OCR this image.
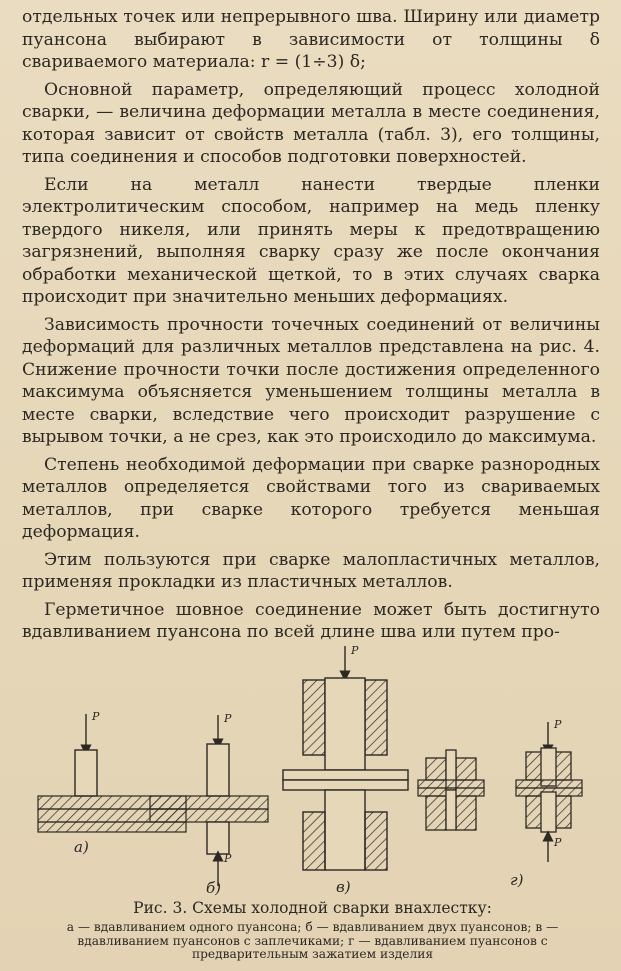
отдельных точек или непрерывного шва. Ширину или диаметр пуансона выбирают в зависимости от толщины δ свариваемого материала: r = (1÷3) δ;

Основной параметр, определяющий процесс холодной сварки, — величина деформации металла в месте соединения, которая зависит от свойств металла (табл. 3), его толщины, типа соединения и способов подготовки поверхностей.

Если на металл нанести твердые пленки электролитическим способом, например на медь пленку твердого никеля, или принять меры к предотвращению загрязнений, выполняя сварку сразу же после окончания обработки механической щеткой, то в этих случаях сварка происходит при значительно меньших деформациях.

Зависимость прочности точечных соединений от величины деформаций для различных металлов представлена на рис. 4. Снижение прочности точки после достижения определенного максимума объясняется уменьшением толщины металла в месте сварки, вследствие чего происходит разрушение с вырывом точки, а не срез, как это происходило до максимума.

Степень необходимой деформации при сварке разнородных металлов определяется свойствами того из свариваемых металлов, при сварке которого требуется меньшая деформация.

Этим пользуются при сварке малопластичных металлов, применяя прокладки из пластичных металлов.

Герметичное шовное соединение может быть достигнуто вдавливанием пуансона по всей длине шва или путем про-

P
а)
P
P
б)
P
в)
P
P
г)
Рис. 3. Схемы холодной сварки внахлестку:
а — вдавливанием одного пуансона; б — вдавливанием двух пуансонов; в — вдавливанием пуансонов с заплечиками; г — вдавливанием пуансонов с предварительным зажатием изделия
